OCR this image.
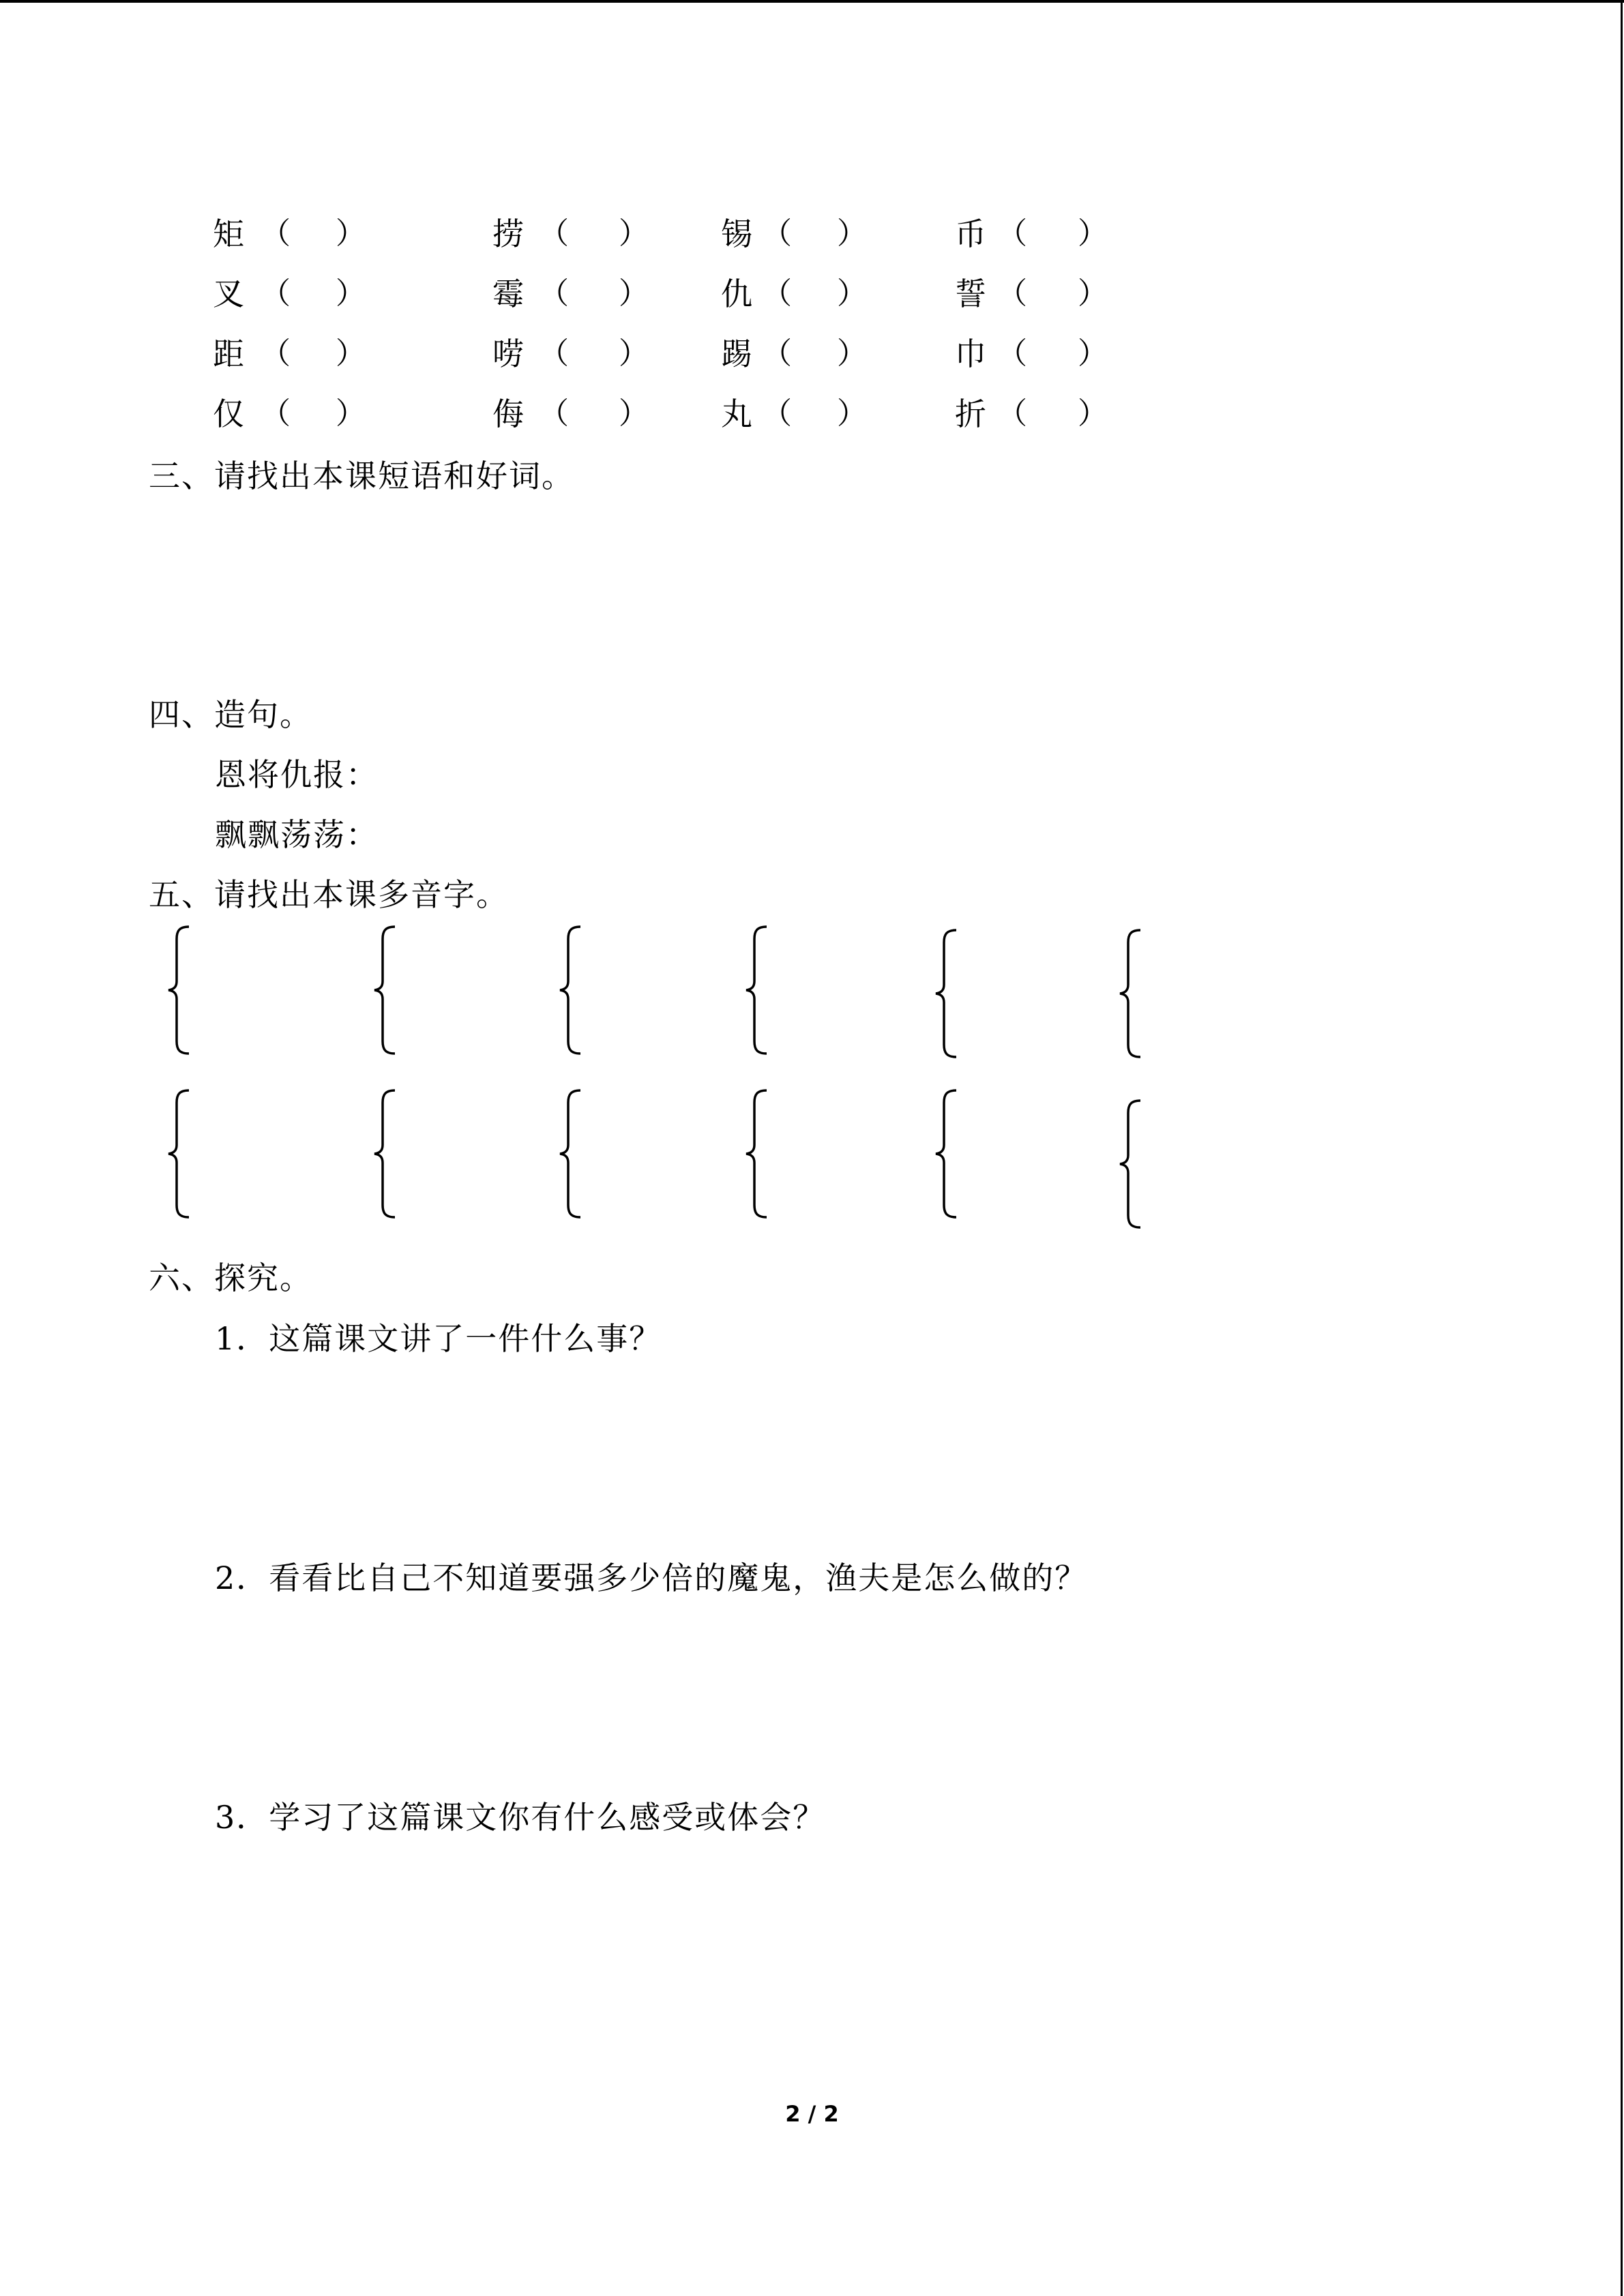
矩 （ ）	捞 （ ） 锡 （ ）	币 （ ）
叉 （ ）	霉 （ ） 仇 （ ）	誓 （ ）
距 （ ）	唠 （ ） 踢 （ ）	巾 （ ）
仅 （ ）	侮 （ ） 丸 （ ）	折 （ ）
三、请找出本课短语和好词。
四、造句。
恩将仇报：
飘飘荡荡：
五、请找出本课多音字。
六、探究。
1．这篇课文讲了一件什么事？
2．看看比自己不知道要强多少倍的魔鬼，渔夫是怎么做的？
3．学习了这篇课文你有什么感受或体会？
2 / 2
